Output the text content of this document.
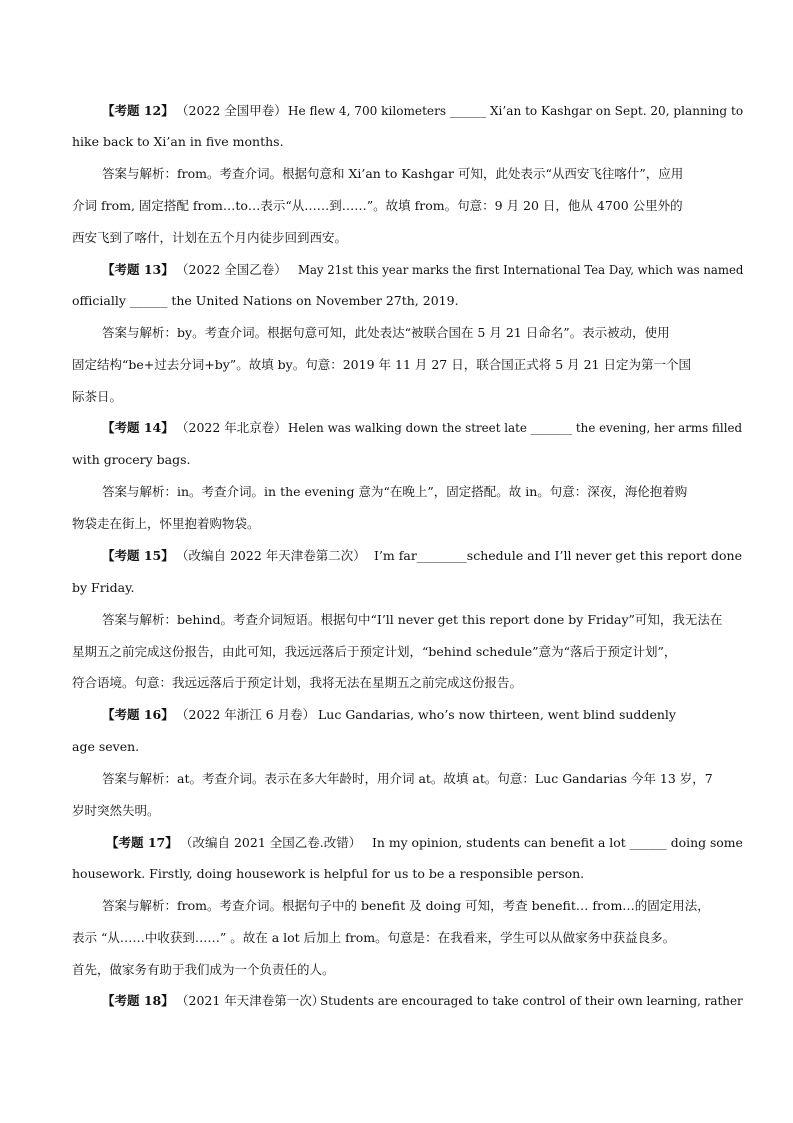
【考题 12】 （2022 全国甲卷） He flew 4, 700 kilometers ______ Xi’an to Kashgar on Sept. 20, planning to
hike back to Xi’an in five months.
答案与解析：from。考查介词。根据句意和 Xi’an to Kashgar 可知，此处表示“从西安飞往喀什”，应用
介词 from, 固定搭配 from…to…表示“从……到……”。故填 from。句意：9 月 20 日，他从 4700 公里外的
西安飞到了喀什，计划在五个月内徒步回到西安。
【考题 13】 （2022 全国乙卷） May 21st this year marks the first International Tea Day, which was named
officially ______ the United Nations on November 27th, 2019.
答案与解析：by。考查介词。根据句意可知，此处表达“被联合国在 5 月 21 日命名”。表示被动，使用
固定结构“be+过去分词+by”。故填 by。句意：2019 年 11 月 27 日，联合国正式将 5 月 21 日定为第一个国
际茶日。
【考题 14】 （2022 年北京卷） Helen was walking down the street late _______ the evening, her arms filled
with grocery bags.
答案与解析：in。考查介词。in the evening 意为“在晚上”，固定搭配。故 in。句意：深夜，海伦抱着购
物袋走在街上，怀里抱着购物袋。
【考题 15】 （改编自 2022 年天津卷第二次） I’m far________schedule and I’ll never get this report done
by Friday.
答案与解析：behind。考查介词短语。根据句中“I’ll never get this report done by Friday”可知，我无法在
星期五之前完成这份报告，由此可知，我远远落后于预定计划，“behind schedule”意为“落后于预定计划”，
符合语境。句意：我远远落后于预定计划，我将无法在星期五之前完成这份报告。
【考题 16】 （2022 年浙江 6 月卷） Luc Gandarias, who’s now thirteen, went blind suddenly
age seven.
答案与解析：at。考查介词。表示在多大年龄时，用介词 at。故填 at。句意：Luc Gandarias 今年 13 岁，7
岁时突然失明。
【考题 17】 （改编自 2021 全国乙卷.改错） In my opinion, students can benefit a lot ______ doing some
housework. Firstly, doing housework is helpful for us to be a responsible person.
答案与解析：from。考查介词。根据句子中的 benefit 及 doing 可知，考查 benefit… from…的固定用法，
表示 “从……中收获到……” 。故在 a lot 后加上 from。句意是：在我看来，学生可以从做家务中获益良多。
首先，做家务有助于我们成为一个负责任的人。
【考题 18】 （2021 年天津卷第一次）
Students are encouraged to take control of their own learning, rather
